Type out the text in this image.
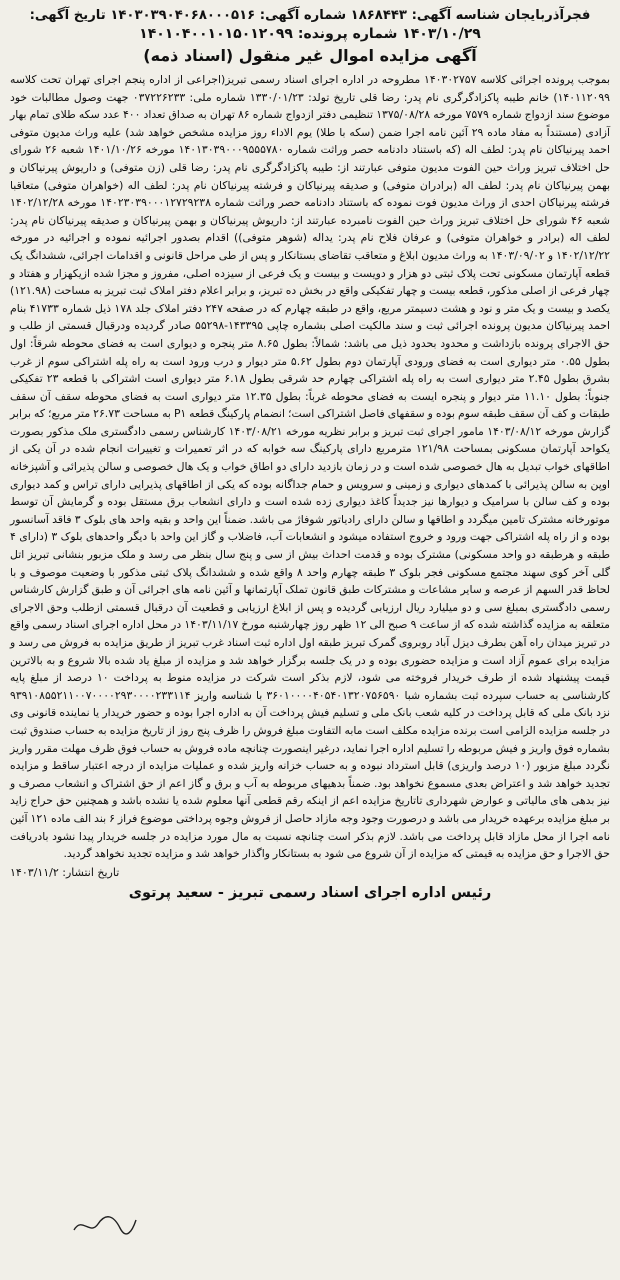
فجرآذربایجان شناسه آگهی: ۱۸۶۸۴۴۳ شماره آگهی: ۱۴۰۳۰۳۹۰۴۰۶۸۰۰۰۵۱۶ تاریخ آگهی:
۱۴۰۳/۱۰/۲۹ شماره پرونده: ۱۴۰۱۰۴۰۰۱۰۱۵۰۱۲۰۹۹
آگهی مزایده اموال غیر منقول (اسناد ذمه)
بموجب پرونده اجرائی کلاسه ۱۴۰۳۰۲۷۵۷ مطروحه در اداره اجرای اسناد رسمی تبریز(اجراعی از اداره پنجم اجرای تهران تحت کلاسه ۱۴۰۱۱۲۰۹۹) خانم طیبه پاکزادگرگری نام پدر: رضا قلی تاریخ تولد: ۱۳۳۰/۰۱/۲۳ شماره ملی: ۰۳۷۲۲۶۲۳۳ جهت وصول مطالبات خود موضوع سند ازدواج شماره ۷۵۷۹ مورخه ۱۳۷۵/۰۸/۲۸ تنظیمی دفتر ازدواج شماره ۸۶ تهران به صداق تعداد ۴۰۰ عدد سکه طلای تمام بهار آزادی (مستنداً به مفاد ماده ۲۹ آئین نامه اجرا ضمن (سکه با طلا) یوم الاداء روز مزایده مشخص خواهد شد) علیه وراث مدیون متوفی احمد پیرنیاکان نام پدر: لطف اله (که باستناد دادنامه حصر وراثت شماره ۱۴۰۱۳۰۳۹۰۰۰۹۵۵۵۷۸۰ مورخه ۱۴۰۱/۱۰/۲۶ شعبه ۲۶ شورای حل اختلاف تبریز وراث حین الفوت مدیون متوفی عبارتند از: طیبه پاکزادگرگری نام پدر: رضا قلی (زن متوفی) و داریوش پیرنیاکان و بهمن پیرنیاکان نام پدر: لطف اله (برادران متوفی) و صدیقه پیرنیاکان و فرشته پیرنیاکان نام پدر: لطف اله (خواهران متوفی) متعاقبا فرشته پیرنیاکان احدی از وراث مدیون فوت نموده که باستناد دادنامه حصر وراثت شماره ۱۴۰۲۳۰۳۹۰۰۰۱۲۷۲۹۲۳۸ مورخه ۱۴۰۲/۱۲/۲۸ شعبه ۴۶ شورای حل اختلاف تبریز وراث حین الفوت نامبرده عبارتند از: داریوش پیرنیاکان و بهمن پیرنیاکان و صدیقه پیرنیاکان نام پدر: لطف اله (برادر و خواهران متوفی) و عرفان فلاح نام پدر: یداله (شوهر متوفی)) اقدام بصدور اجرائیه نموده و اجرائیه در مورخه ۱۴۰۲/۱۲/۲۲ و ۱۴۰۳/۰۹/۰۲ به وراث مدیون ابلاغ و متعاقب تقاضای بستانکار و پس از طی مراحل قانونی و اقدامات اجرائی، ششدانگ یک قطعه آپارتمان مسکونی تحت پلاک ثبتی دو هزار و دویست و بیست و یک فرعی از سیزده اصلی، مفروز و مجزا شده ازیکهزار و هفتاد و چهار فرعی از اصلی مذکور، قطعه بیست و چهار تفکیکی واقع در بخش ده تبریز، و برابر اعلام دفتر املاک ثبت تبریز به مساحت (۱۲۱.۹۸) یکصد و بیست و یک متر و نود و هشت دسیمتر مربع، واقع در طبقه چهارم که در صفحه ۲۴۷ دفتر املاک جلد ۱۷۸ ذیل شماره ۴۱۷۳۳ بنام احمد پیرنیاکان مدیون پرونده اجرائی ثبت و سند مالکیت اصلی بشماره چاپی ۱۴۳۳۹۵-۵۵۲۹۸ صادر گردیده ودرقبال قسمتی از طلب و حق الاجرای پرونده بازداشت و محدود بحدود ذیل می باشد: شمالاً: بطول ۸.۶۵ متر پنجره و دیواری است به فضای محوطه شرقاً: اول بطول ۰.۵۵ متر دیواری است به فضای ورودی آپارتمان دوم بطول ۵.۶۲ متر دیوار و درب ورود است به راه پله اشتراکی سوم از غرب بشرق بطول ۲.۴۵ متر دیواری است به راه پله اشتراکی چهارم حد شرقی بطول ۶.۱۸ متر دیواری است اشتراکی با قطعه ۲۳ تفکیکی جنوباً: بطول ۱۱.۱۰ متر دیوار و پنجره ایست به فضای محوطه غرباً: بطول ۱۲.۳۵ متر دیواری است به فضای محوطه سقف آن سقف طبقات و کف آن سقف طبقه سوم بوده و سقفهای فاصل اشتراکی است؛ انضمام پارکینگ قطعه P۱ به مساحت ۲۶.۷۳ متر مربع؛ که برابر گزارش مورخه ۱۴۰۳/۰۸/۱۲ مامور اجرای ثبت تبریز و برابر نظریه مورخه ۱۴۰۳/۰۸/۲۱ کارشناس رسمی دادگستری ملک مذکور بصورت یکواحد آپارتمان مسکونی بمساحت ۱۲۱/۹۸ مترمربع دارای پارکینگ سه خوابه که در اثر تعمیرات و تغییرات انجام شده در آن یکی از اطاقهای خواب تبدیل به هال خصوصی شده است و در زمان بازدید دارای دو اطاق خواب و یک هال خصوصی و سالن پذیرائی و آشپزخانه اوپن به سالن پذیرائی با کمدهای دیواری و زمینی و سرویس و حمام جداگانه بوده که یکی از اطاقهای پذیرایی دارای تراس و کمد دیواری بوده و کف سالن با سرامیک و دیوارها نیز جدیداً کاغذ دیواری زده شده است و دارای انشعاب برق مستقل بوده و گرمایش آن توسط موتورخانه مشترک تامین میگردد و اطاقها و سالن دارای رادیاتور شوفاژ می باشد. ضمناً این واحد و بقیه واحد های بلوک ۳ فاقد آسانسور بوده و از راه پله اشتراکی جهت ورود و خروج استفاده میشود و انشعابات آب، فاضلاب و گاز این واحد با دیگر واحدهای بلوک ۳ (دارای ۴ طبقه و هرطبقه دو واحد مسکونی) مشترک بوده و قدمت احداث بیش از سی و پنج سال بنظر می رسد و ملک مزبور بنشانی تبریز اتل گلی آخر کوی سهند مجتمع مسکونی فجر بلوک ۳ طبقه چهارم واحد ۸ واقع شده و ششدانگ پلاک ثبتی مذکور با وضعیت موصوف و با لحاظ قدر السهم از عرصه و سایر مشاعات و مشترکات طبق قانون تملک آپارتمانها و آئین نامه های اجرائی آن و طبق گزارش کارشناس رسمی دادگستری بمبلغ سی و دو میلیارد ریال ارزیابی گردیده و پس از ابلاغ ارزیابی و قطعیت آن درقبال قسمتی ازطلب وحق الاجرای متعلقه به مزایده گذاشته شده که از ساعت ۹ صبح الی ۱۲ ظهر روز چهارشنبه مورخ ۱۴۰۳/۱۱/۱۷ در محل اداره اجرای اسناد رسمی واقع در تبریز میدان راه آهن بطرف دیزل آباد روبروی گمرک تبریز طبقه اول اداره ثبت اسناد غرب تبریز از طریق مزایده به فروش می رسد و مزایده برای عموم آزاد است و مزایده حضوری بوده و در یک جلسه برگزار خواهد شد و مزایده از مبلغ یاد شده بالا شروع و به بالاترین قیمت پیشنهاد شده از طرف خریدار فروخته می شود، لازم بذکر است شرکت در مزایده منوط به پرداخت ۱۰ درصد از مبلغ پایه کارشناسی به حساب سپرده ثبت بشماره شبا ۳۶۰۱۰۰۰۰۴۰۵۴۰۱۳۲۰۷۵۶۵۹۰ با شناسه واریز ۹۳۹۱۰۸۵۵۲۱۱۰۰۷۰۰۰۰۲۹۳۰۰۰۰۲۳۳۱۱۴ نزد بانک ملی که قابل پرداخت در کلیه شعب بانک ملی و تسلیم فیش پرداخت آن به اداره اجرا بوده و حضور خریدار یا نماینده قانونی وی در جلسه مزایده الزامی است برنده مزایده مکلف است مابه التفاوت مبلغ فروش را ظرف پنج روز از تاریخ مزایده به حساب صندوق ثبت بشماره فوق واریز و فیش مربوطه را تسلیم اداره اجرا نماید، درغیر اینصورت چنانچه ماده فروش به حساب فوق ظرف مهلت مقرر واریز نگردد مبلغ مزبور (۱۰ درصد واریزی) قابل استرداد نبوده و به حساب خزانه واریز شده و عملیات مزایده از درجه اعتبار ساقط و مزایده تجدید خواهد شد و اعتراض بعدی مسموع نخواهد بود. ضمناً بدهیهای مربوطه به آب و برق و گاز اعم از حق اشتراک و انشعاب مصرف و نیز بدهی های مالیاتی و عوارض شهرداری تاتاریخ مزایده اعم از اینکه رقم قطعی آنها معلوم شده یا نشده باشد و همچنین حق حراج زاید بر مبلغ مزایده برعهده خریدار می باشد و درصورت وجود وجه مازاد حاصل از فروش وجوه پرداختی موضوع فراز ۶ بند الف ماده ۱۲۱ آئین نامه اجرا از محل مازاد قابل پرداخت می باشد. لازم بذکر است چنانچه نسبت به مال مورد مزایده در جلسه خریدار پیدا نشود بادریافت حق الاجرا و حق مزایده به قیمتی که مزایده از آن شروع می شود به بستانکار واگذار خواهد شد و مزایده تجدید نخواهد گردید.
تاریخ انتشار: ۱۴۰۳/۱۱/۲
رئیس اداره اجرای اسناد رسمی تبریز - سعید پرتوی
